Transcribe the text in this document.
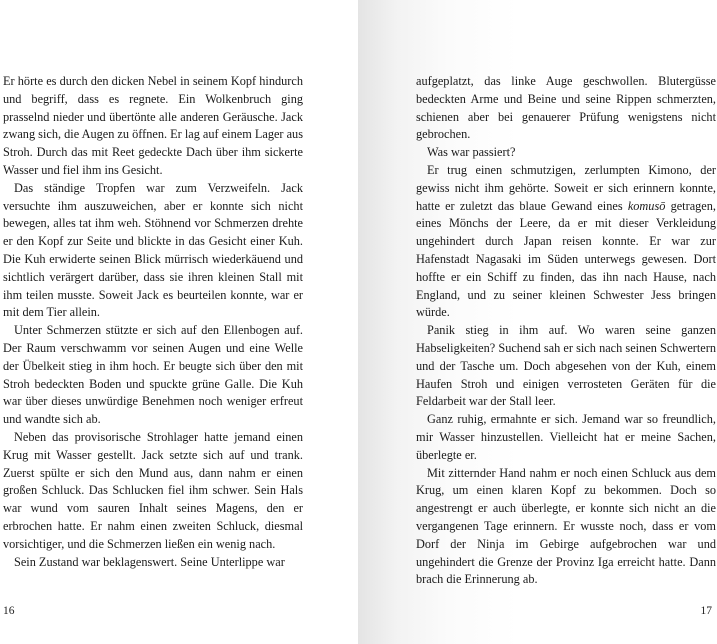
Er hörte es durch den dicken Nebel in seinem Kopf hindurch und begriff, dass es regnete. Ein Wolkenbruch ging prasselnd nieder und übertönte alle anderen Geräusche. Jack zwang sich, die Augen zu öffnen. Er lag auf einem Lager aus Stroh. Durch das mit Reet gedeckte Dach über ihm sickerte Wasser und fiel ihm ins Gesicht.

Das ständige Tropfen war zum Verzweifeln. Jack versuchte ihm auszuweichen, aber er konnte sich nicht bewegen, alles tat ihm weh. Stöhnend vor Schmerzen drehte er den Kopf zur Seite und blickte in das Gesicht einer Kuh. Die Kuh erwiderte seinen Blick mürrisch wiederkäuend und sichtlich verärgert darüber, dass sie ihren kleinen Stall mit ihm teilen musste. Soweit Jack es beurteilen konnte, war er mit dem Tier allein.

Unter Schmerzen stützte er sich auf den Ellenbogen auf. Der Raum verschwamm vor seinen Augen und eine Welle der Übelkeit stieg in ihm hoch. Er beugte sich über den mit Stroh bedeckten Boden und spuckte grüne Galle. Die Kuh war über dieses unwürdige Benehmen noch weniger erfreut und wandte sich ab.

Neben das provisorische Strohlager hatte jemand einen Krug mit Wasser gestellt. Jack setzte sich auf und trank. Zuerst spülte er sich den Mund aus, dann nahm er einen großen Schluck. Das Schlucken fiel ihm schwer. Sein Hals war wund vom sauren Inhalt seines Magens, den er erbrochen hatte. Er nahm einen zweiten Schluck, diesmal vorsichtiger, und die Schmerzen ließen ein wenig nach.

Sein Zustand war beklagenswert. Seine Unterlippe war

16

aufgeplatzt, das linke Auge geschwollen. Blutergüsse bedeckten Arme und Beine und seine Rippen schmerzten, schienen aber bei genauerer Prüfung wenigstens nicht gebrochen.

Was war passiert?

Er trug einen schmutzigen, zerlumpten Kimono, der gewiss nicht ihm gehörte. Soweit er sich erinnern konnte, hatte er zuletzt das blaue Gewand eines komusō getragen, eines Mönchs der Leere, da er mit dieser Verkleidung ungehindert durch Japan reisen konnte. Er war zur Hafenstadt Nagasaki im Süden unterwegs gewesen. Dort hoffte er ein Schiff zu finden, das ihn nach Hause, nach England, und zu seiner kleinen Schwester Jess bringen würde.

Panik stieg in ihm auf. Wo waren seine ganzen Habseligkeiten? Suchend sah er sich nach seinen Schwertern und der Tasche um. Doch abgesehen von der Kuh, einem Haufen Stroh und einigen verrosteten Geräten für die Feldarbeit war der Stall leer.

Ganz ruhig, ermahnte er sich. Jemand war so freundlich, mir Wasser hinzustellen. Vielleicht hat er meine Sachen, überlegte er.

Mit zitternder Hand nahm er noch einen Schluck aus dem Krug, um einen klaren Kopf zu bekommen. Doch so angestrengt er auch überlegte, er konnte sich nicht an die vergangenen Tage erinnern. Er wusste noch, dass er vom Dorf der Ninja im Gebirge aufgebrochen war und ungehindert die Grenze der Provinz Iga erreicht hatte. Dann brach die Erinnerung ab.

17
